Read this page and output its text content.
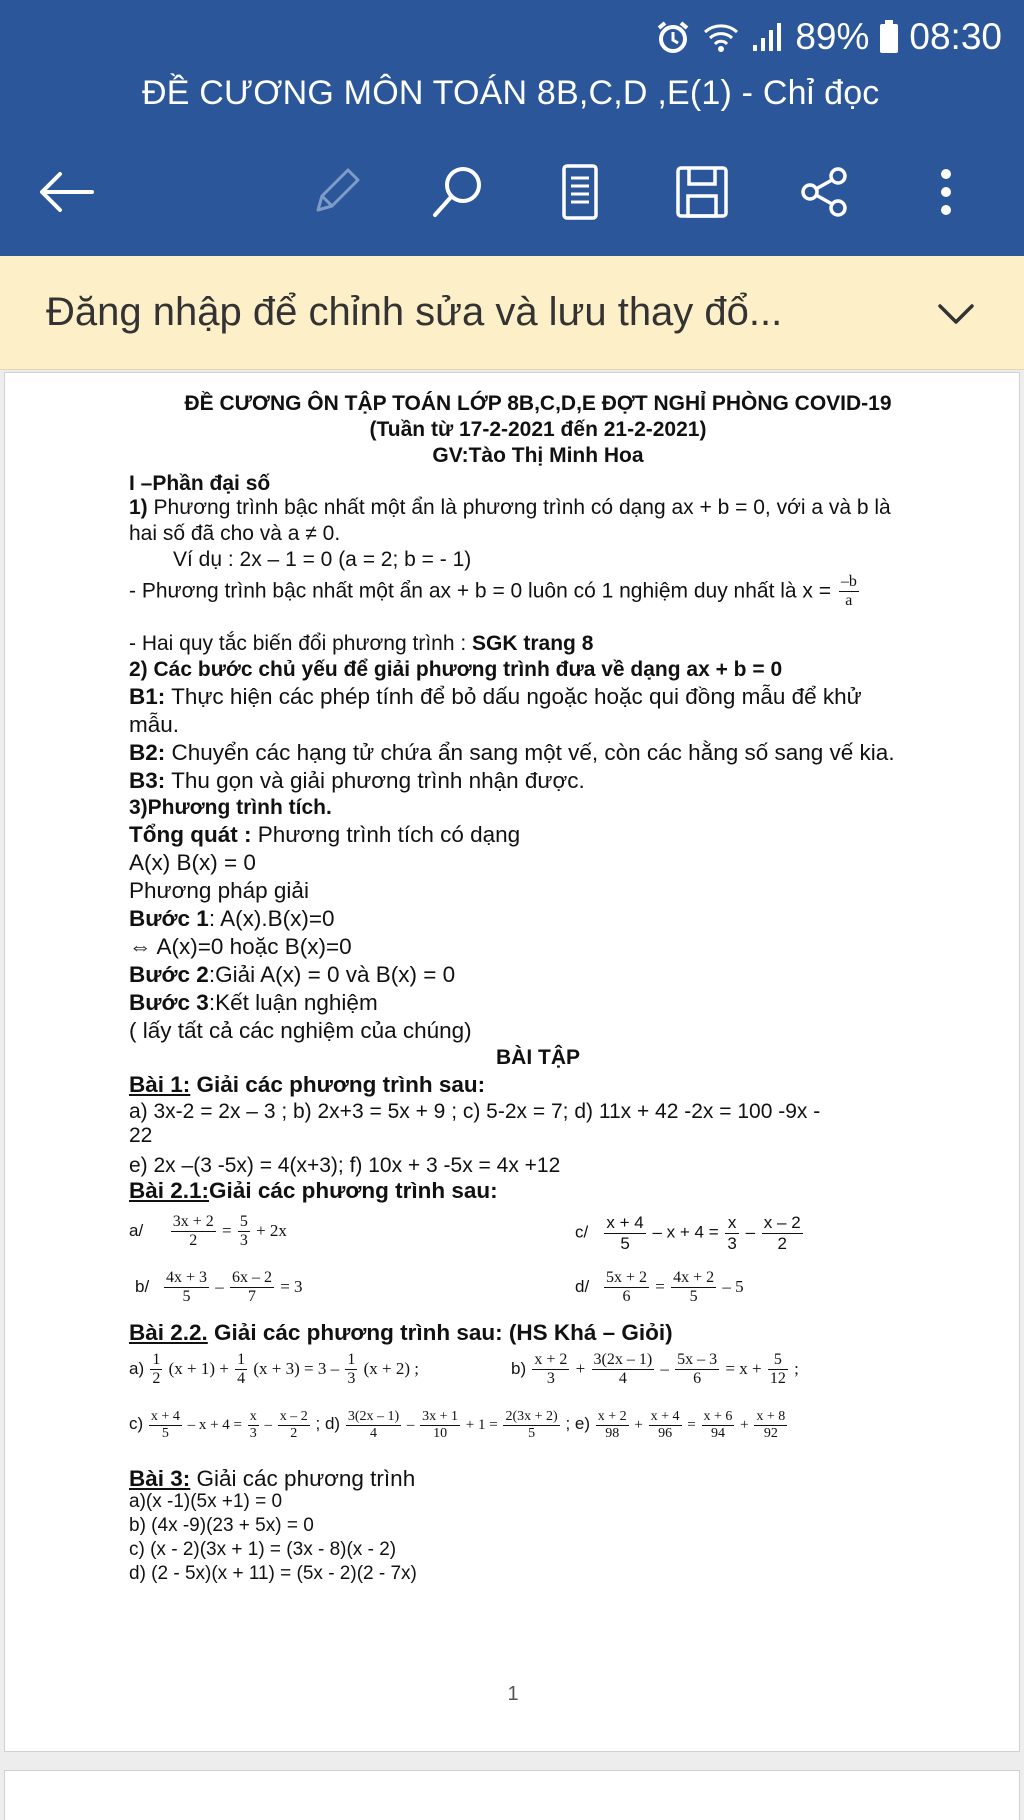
89% 08:30
ĐỀ CƯƠNG MÔN TOÁN 8B,C,D ,E(1) - Chỉ đọc
Đăng nhập để chỉnh sửa và lưu thay đổ...
ĐỀ CƯƠNG ÔN TẬP TOÁN LỚP 8B,C,D,E ĐỢT NGHỈ PHÒNG COVID-19
(Tuần từ 17-2-2021 đến 21-2-2021)
GV:Tào Thị Minh Hoa
I –Phần đại số
1) Phương trình bậc nhất một ẩn là phương trình có dạng ax + b = 0, với a và b là
hai số đã cho và a ≠ 0.
Ví dụ : 2x – 1 = 0 (a = 2; b = - 1)
- Phương trình bậc nhất một ẩn ax + b = 0 luôn có 1 nghiệm duy nhất là $x = \frac{-b}{a}$
- Hai quy tắc biến đổi phương trình : SGK trang 8
2) Các bước chủ yếu để giải phương trình đưa về dạng ax + b = 0
B1: Thực hiện các phép tính để bỏ dấu ngoặc hoặc qui đồng mẫu để khử
mẫu.
B2: Chuyển các hạng tử chứa ẩn sang một vế, còn các hằng số sang vế kia.
B3: Thu gọn và giải phương trình nhận được.
3)Phương trình tích.
Tổng quát : Phương trình tích có dạng
A(x) B(x) = 0
Phương pháp giải
Bước 1: A(x).B(x)=0
⇔ A(x)=0 hoặc B(x)=0
Bước 2:Giải A(x) = 0 và B(x) = 0
Bước 3:Kết luận nghiệm
( lấy tất cả các nghiệm của chúng)
BÀI TẬP
Bài 1: Giải các phương trình sau:
a) 3x-2 = 2x – 3 ; b) 2x+3 = 5x + 9 ; c) 5-2x = 7; d) 11x + 42 -2x = 100 -9x -
22
e) 2x –(3 -5x) = 4(x+3); f) 10x + 3 -5x = 4x +12
Bài 2.1:Giải các phương trình sau:
$a/ \frac{3x + 2}{2} = \frac{5}{3} + 2x$	$c/ \frac{x + 4}{5} - x + 4 = \frac{x}{3} - \frac{x - 2}{2}$
$b/ \frac{4x + 3}{5} - \frac{6x - 2}{7} = 3$	$d/ \frac{5x + 2}{6} = \frac{4x + 2}{5} - 5$
Bài 2.2. Giải các phương trình sau: (HS Khá – Giỏi)
$a) \frac{1}{2} (x + 1) + \frac{1}{4} (x + 3) = 3 - \frac{1}{3} (x + 2)$ ;	$b) \frac{x + 2}{3} + \frac{3(2x - 1)}{4} - \frac{5x - 3}{6} = x + \frac{5}{12}$ ;
$c) \frac{x + 4}{5} - x + 4 = \frac{x}{3} - \frac{x - 2}{2}$ ; $d) \frac{3(2x - 1)}{4} - \frac{3x + 1}{10} + 1 = \frac{2(3x + 2)}{5}$ ; $e) \frac{x + 2}{98} + \frac{x + 4}{96} = \frac{x + 6}{94} + \frac{x + 8}{92}$
Bài 3: Giải các phương trình
a)(x -1)(5x +1) = 0
b) (4x -9)(23 + 5x) = 0
c) (x - 2)(3x + 1) = (3x - 8)(x - 2)
d) (2 - 5x)(x + 11) = (5x - 2)(2 - 7x)
1
